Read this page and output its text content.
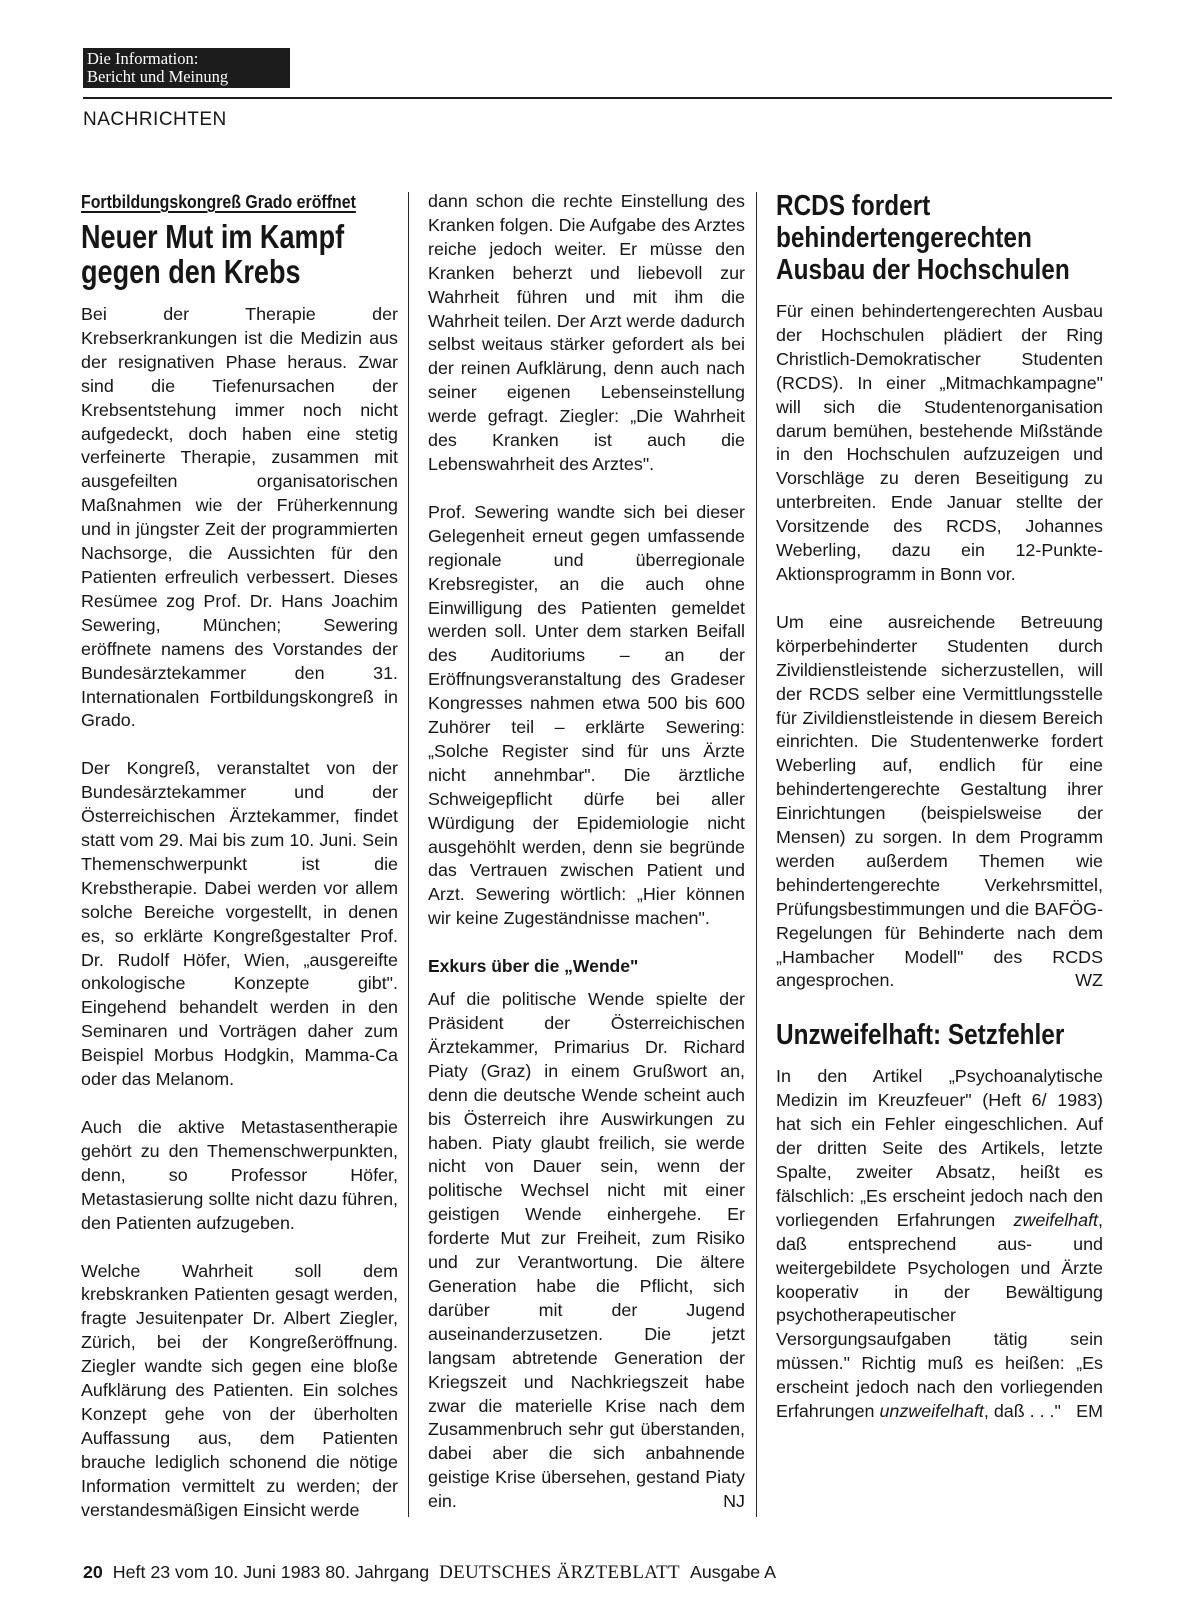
Die Information:
Bericht und Meinung
NACHRICHTEN
Fortbildungskongreß Grado eröffnet
Neuer Mut im Kampf gegen den Krebs

Bei der Therapie der Krebserkrankungen ist die Medizin aus der resignativen Phase heraus. Zwar sind die Tiefenursachen der Krebsentstehung immer noch nicht aufgedeckt, doch haben eine stetig verfeinerte Therapie, zusammen mit ausgefeilten organisatorischen Maßnahmen wie der Früherkennung und in jüngster Zeit der programmierten Nachsorge, die Aussichten für den Patienten erfreulich verbessert. Dieses Resümee zog Prof. Dr. Hans Joachim Sewering, München; Sewering eröffnete namens des Vorstandes der Bundesärztekammer den 31. Internationalen Fortbildungskongreß in Grado.

Der Kongreß, veranstaltet von der Bundesärztekammer und der Österreichischen Ärztekammer, findet statt vom 29. Mai bis zum 10. Juni. Sein Themenschwerpunkt ist die Krebstherapie. Dabei werden vor allem solche Bereiche vorgestellt, in denen es, so erklärte Kongreßgestalter Prof. Dr. Rudolf Höfer, Wien, „ausgereifte onkologische Konzepte gibt". Eingehend behandelt werden in den Seminaren und Vorträgen daher zum Beispiel Morbus Hodgkin, Mamma-Ca oder das Melanom.

Auch die aktive Metastasentherapie gehört zu den Themenschwerpunkten, denn, so Professor Höfer, Metastasierung sollte nicht dazu führen, den Patienten aufzugeben.

Welche Wahrheit soll dem krebskranken Patienten gesagt werden, fragte Jesuitenpater Dr. Albert Ziegler, Zürich, bei der Kongreßeröffnung. Ziegler wandte sich gegen eine bloße Aufklärung des Patienten. Ein solches Konzept gehe von der überholten Auffassung aus, dem Patienten brauche lediglich schonend die nötige Information vermittelt zu werden; der verstandesmäßigen Einsicht werde

dann schon die rechte Einstellung des Kranken folgen. Die Aufgabe des Arztes reiche jedoch weiter. Er müsse den Kranken beherzt und liebevoll zur Wahrheit führen und mit ihm die Wahrheit teilen. Der Arzt werde dadurch selbst weitaus stärker gefordert als bei der reinen Aufklärung, denn auch nach seiner eigenen Lebenseinstellung werde gefragt. Ziegler: „Die Wahrheit des Kranken ist auch die Lebenswahrheit des Arztes".

Prof. Sewering wandte sich bei dieser Gelegenheit erneut gegen umfassende regionale und überregionale Krebsregister, an die auch ohne Einwilligung des Patienten gemeldet werden soll. Unter dem starken Beifall des Auditoriums – an der Eröffnungsveranstaltung des Gradeser Kongresses nahmen etwa 500 bis 600 Zuhörer teil – erklärte Sewering: „Solche Register sind für uns Ärzte nicht annehmbar". Die ärztliche Schweigepflicht dürfe bei aller Würdigung der Epidemiologie nicht ausgehöhlt werden, denn sie begründe das Vertrauen zwischen Patient und Arzt. Sewering wörtlich: „Hier können wir keine Zugeständnisse machen".

Exkurs über die „Wende"

Auf die politische Wende spielte der Präsident der Österreichischen Ärztekammer, Primarius Dr. Richard Piaty (Graz) in einem Grußwort an, denn die deutsche Wende scheint auch bis Österreich ihre Auswirkungen zu haben. Piaty glaubt freilich, sie werde nicht von Dauer sein, wenn der politische Wechsel nicht mit einer geistigen Wende einhergehe. Er forderte Mut zur Freiheit, zum Risiko und zur Verantwortung. Die ältere Generation habe die Pflicht, sich darüber mit der Jugend auseinanderzusetzen. Die jetzt langsam abtretende Generation der Kriegszeit und Nachkriegszeit habe zwar die materielle Krise nach dem Zusammenbruch sehr gut überstanden, dabei aber die sich anbahnende geistige Krise übersehen, gestand Piaty ein.	NJ

RCDS fordert behindertengerechten Ausbau der Hochschulen

Für einen behindertengerechten Ausbau der Hochschulen plädiert der Ring Christlich-Demokratischer Studenten (RCDS). In einer „Mitmachkampagne" will sich die Studentenorganisation darum bemühen, bestehende Mißstände in den Hochschulen aufzuzeigen und Vorschläge zu deren Beseitigung zu unterbreiten. Ende Januar stellte der Vorsitzende des RCDS, Johannes Weberling, dazu ein 12-Punkte-Aktionsprogramm in Bonn vor.

Um eine ausreichende Betreuung körperbehinderter Studenten durch Zivildienstleistende sicherzustellen, will der RCDS selber eine Vermittlungsstelle für Zivildienstleistende in diesem Bereich einrichten. Die Studentenwerke fordert Weberling auf, endlich für eine behindertengerechte Gestaltung ihrer Einrichtungen (beispielsweise der Mensen) zu sorgen. In dem Programm werden außerdem Themen wie behindertengerechte Verkehrsmittel, Prüfungsbestimmungen und die BAFÖG-Regelungen für Behinderte nach dem „Hambacher Modell" des RCDS angesprochen.	WZ

Unzweifelhaft: Setzfehler

In den Artikel „Psychoanalytische Medizin im Kreuzfeuer" (Heft 6/ 1983) hat sich ein Fehler eingeschlichen. Auf der dritten Seite des Artikels, letzte Spalte, zweiter Absatz, heißt es fälschlich: „Es erscheint jedoch nach den vorliegenden Erfahrungen zweifelhaft, daß entsprechend aus- und weitergebildete Psychologen und Ärzte kooperativ in der Bewältigung psychotherapeutischer Versorgungsaufgaben tätig sein müssen." Richtig muß es heißen: „Es erscheint jedoch nach den vorliegenden Erfahrungen unzweifelhaft, daß . . ." EM

20 Heft 23 vom 10. Juni 1983 80. Jahrgang DEUTSCHES ÄRZTEBLATT Ausgabe A
